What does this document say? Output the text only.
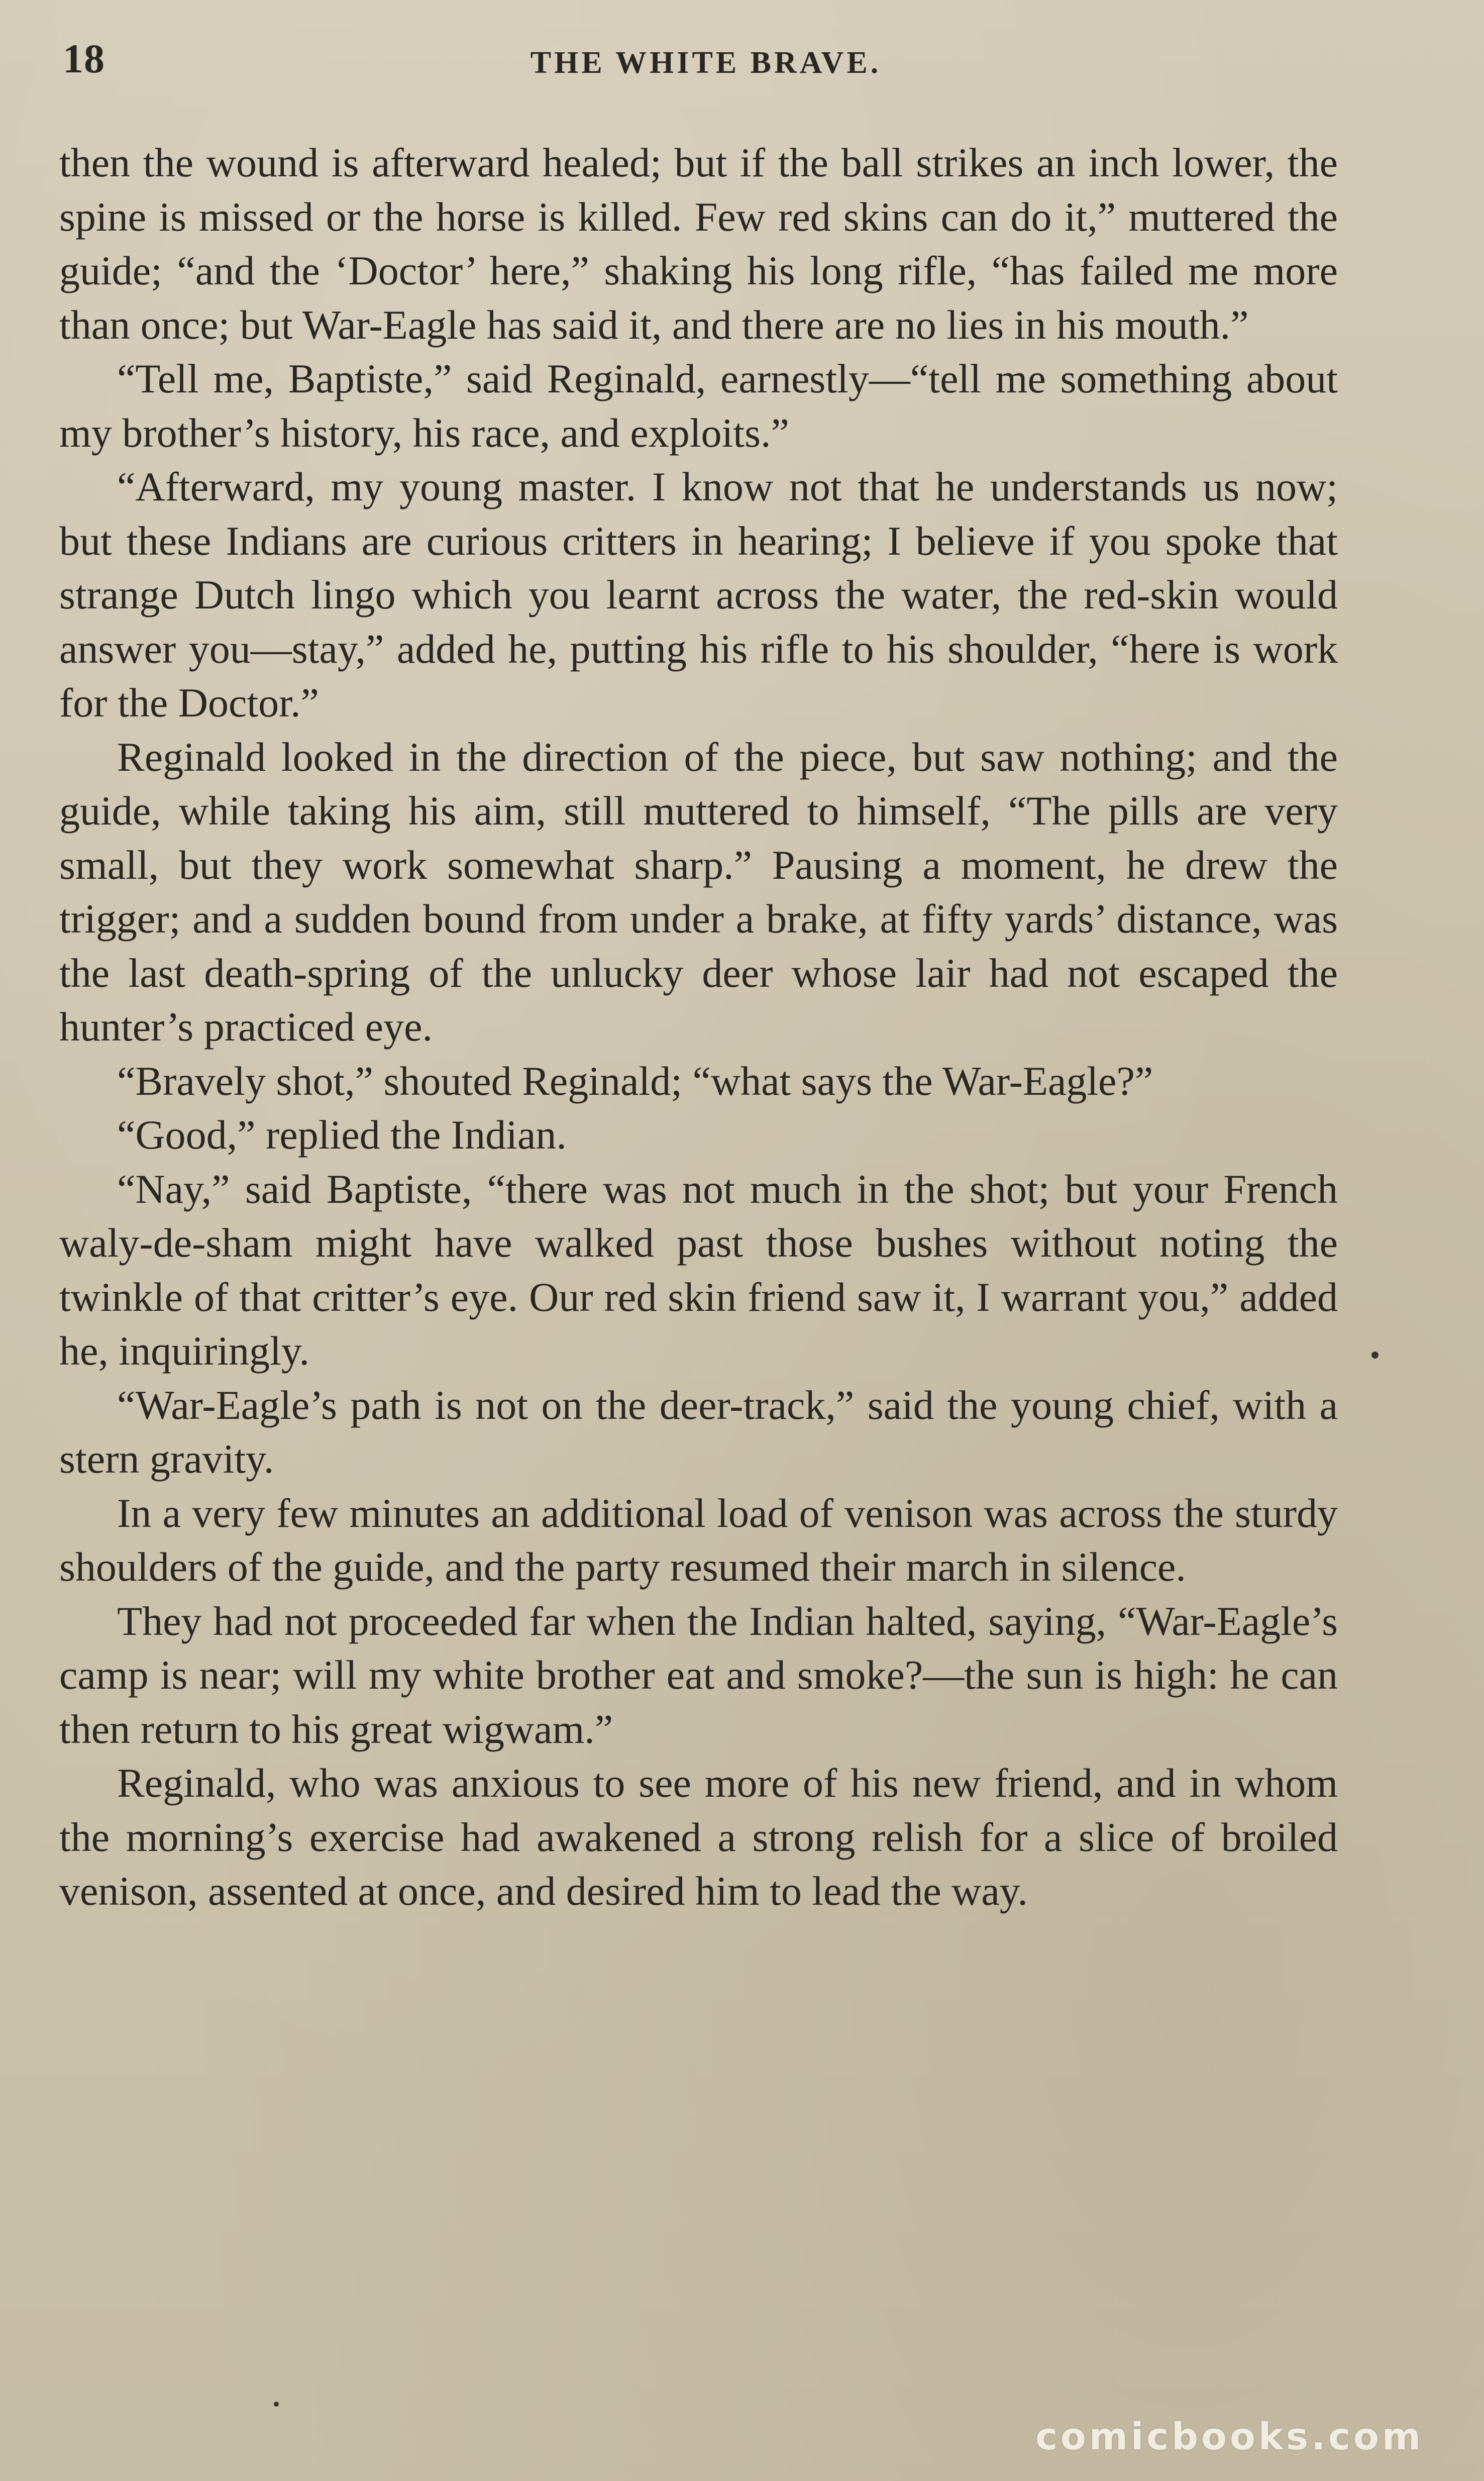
18	THE WHITE BRAVE.

then the wound is afterward healed; but if the ball strikes an inch lower, the spine is missed or the horse is killed. Few red skins can do it,” muttered the guide; “and the ‘Doctor’ here,” shaking his long rifle, “has failed me more than once; but War-Eagle has said it, and there are no lies in his mouth.”

“Tell me, Baptiste,” said Reginald, earnestly—“tell me something about my brother’s history, his race, and exploits.”

“Afterward, my young master. I know not that he understands us now; but these Indians are curious critters in hearing; I believe if you spoke that strange Dutch lingo which you learnt across the water, the red-skin would answer you—stay,” added he, putting his rifle to his shoulder, “here is work for the Doctor.”

Reginald looked in the direction of the piece, but saw nothing; and the guide, while taking his aim, still muttered to himself, “The pills are very small, but they work somewhat sharp.” Pausing a moment, he drew the trigger; and a sudden bound from under a brake, at fifty yards’ distance, was the last death-spring of the unlucky deer whose lair had not escaped the hunter’s practiced eye.

“Bravely shot,” shouted Reginald; “what says the War-Eagle?”

“Good,” replied the Indian.

“Nay,” said Baptiste, “there was not much in the shot; but your French waly-de-sham might have walked past those bushes without noting the twinkle of that critter’s eye. Our red skin friend saw it, I warrant you,” added he, inquiringly.

“War-Eagle’s path is not on the deer-track,” said the young chief, with a stern gravity.

In a very few minutes an additional load of venison was across the sturdy shoulders of the guide, and the party resumed their march in silence.

They had not proceeded far when the Indian halted, saying, “War-Eagle’s camp is near; will my white brother eat and smoke?—the sun is high: he can then return to his great wigwam.”

Reginald, who was anxious to see more of his new friend, and in whom the morning’s exercise had awakened a strong relish for a slice of broiled venison, assented at once, and desired him to lead the way.

comicbooks.com
